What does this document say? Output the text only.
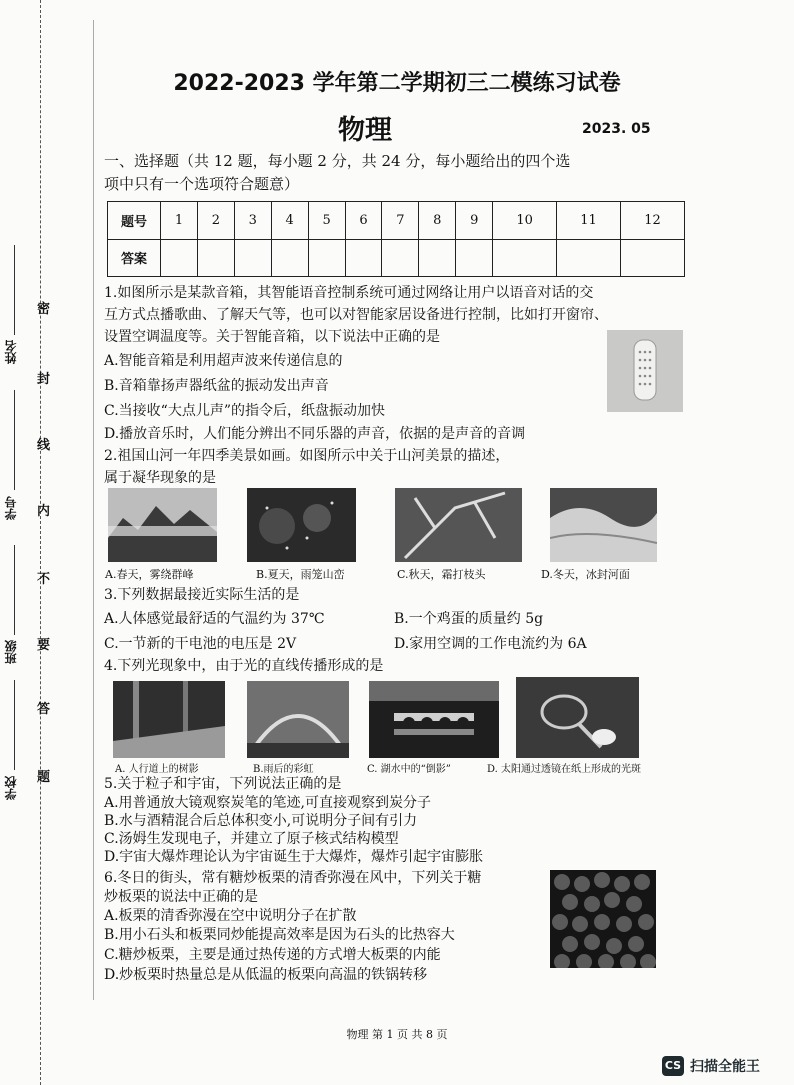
姓名
学号
班级
学校
密
封
线
内
不
要
答
题
2022-2023 学年第二学期初三二模练习试卷
物理	2023. 05
一、选择题（共 12 题，每小题 2 分，共 24 分，每小题给出的四个选
项中只有一个选项符合题意）
题号	1	2	3	4	5	6	7	8	9	10	11	12
答案												
1.如图所示是某款音箱，其智能语音控制系统可通过网络让用户以语音对话的交
互方式点播歌曲、了解天气等，也可以对智能家居设备进行控制，比如打开窗帘、
设置空调温度等。关于智能音箱，以下说法中正确的是
A.智能音箱是利用超声波来传递信息的
B.音箱靠扬声器纸盆的振动发出声音
C.当接收“大点儿声”的指令后，纸盘振动加快
D.播放音乐时，人们能分辨出不同乐器的声音，依据的是声音的音调
2.祖国山河一年四季美景如画。如图所示中关于山河美景的描述，
属于凝华现象的是
A.春天，雾绕群峰	B.夏天，雨笼山峦	C.秋天，霜打枝头	D.冬天，冰封河面
3.下列数据最接近实际生活的是
A.人体感觉最舒适的气温约为 37℃	B.一个鸡蛋的质量约 5g
C.一节新的干电池的电压是 2V	D.家用空调的工作电流约为 6A
4.下列光现象中，由于光的直线传播形成的是
A. 人行道上的树影	B.雨后的彩虹	C. 湖水中的“倒影”	D. 太阳通过透镜在纸上形成的光斑
5.关于粒子和宇宙，下列说法正确的是
A.用普通放大镜观察炭笔的笔迹,可直接观察到炭分子
B.水与酒精混合后总体积变小,可说明分子间有引力
C.汤姆生发现电子，并建立了原子核式结构模型
D.宇宙大爆炸理论认为宇宙诞生于大爆炸，爆炸引起宇宙膨胀
6.冬日的街头，常有糖炒板栗的清香弥漫在风中，下列关于糖
炒板栗的说法中正确的是
A.板栗的清香弥漫在空中说明分子在扩散
B.用小石头和板栗同炒能提高效率是因为石头的比热容大
C.糖炒板栗，主要是通过热传递的方式增大板栗的内能
D.炒板栗时热量总是从低温的板栗向高温的铁锅转移
物理 第 1 页 共 8 页
CS 扫描全能王
